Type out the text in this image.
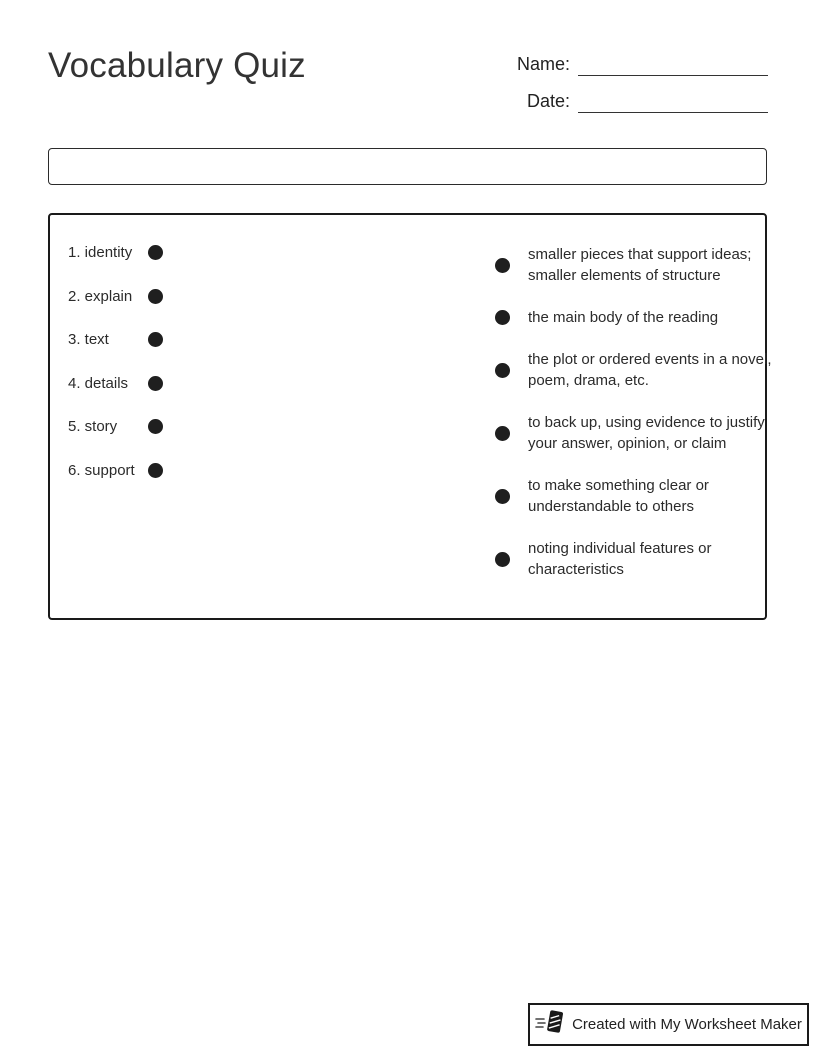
Vocabulary Quiz	Name:
Date:
1. identity
2. explain
3. text
4. details
5. story
6. support
smaller pieces that support ideas; smaller elements of structure
the main body of the reading
the plot or ordered events in a novel, poem, drama, etc.
to back up, using evidence to justify your answer, opinion, or claim
to make something clear or understandable to others
noting individual features or characteristics
Created with My Worksheet Maker
